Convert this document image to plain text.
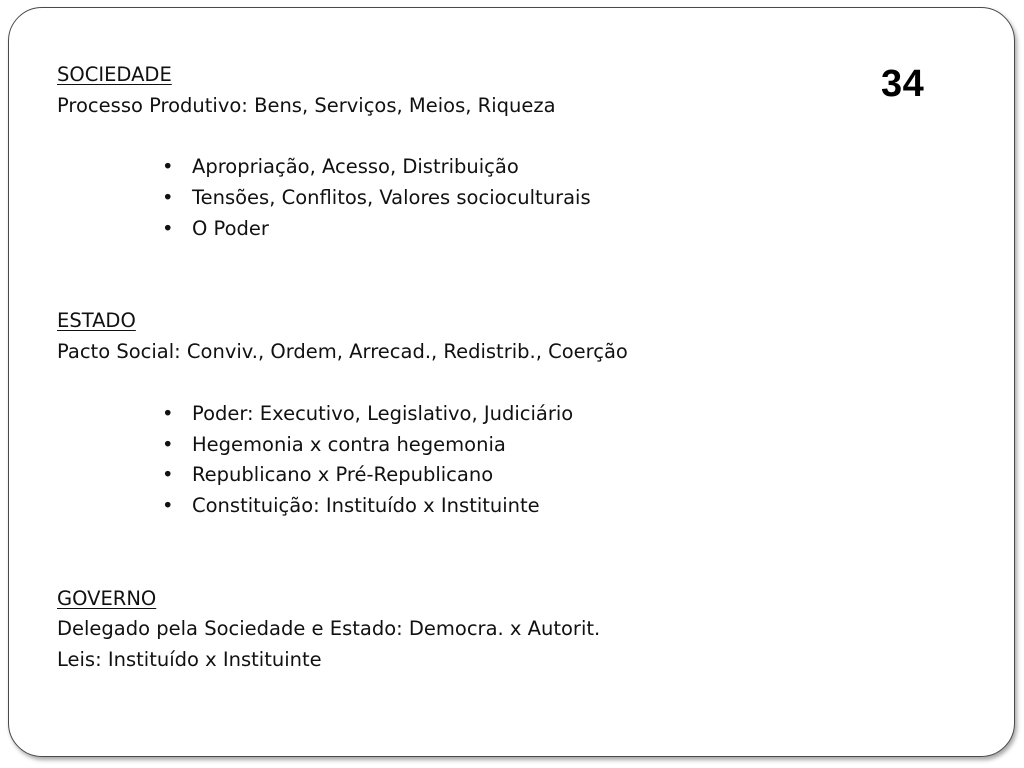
34

SOCIEDADE

Processo Produtivo: Bens, Serviços, Meios, Riqueza

• Apropriação, Acesso, Distribuição
• Tensões, Conflitos, Valores socioculturais
• O Poder

ESTADO

Pacto Social: Conviv., Ordem, Arrecad., Redistrib., Coerção

• Poder: Executivo, Legislativo, Judiciário
• Hegemonia x contra hegemonia
• Republicano x Pré-Republicano
• Constituição: Instituído x Instituinte

GOVERNO

Delegado pela Sociedade e Estado: Democra. x Autorit.

Leis: Instituído x Instituinte
